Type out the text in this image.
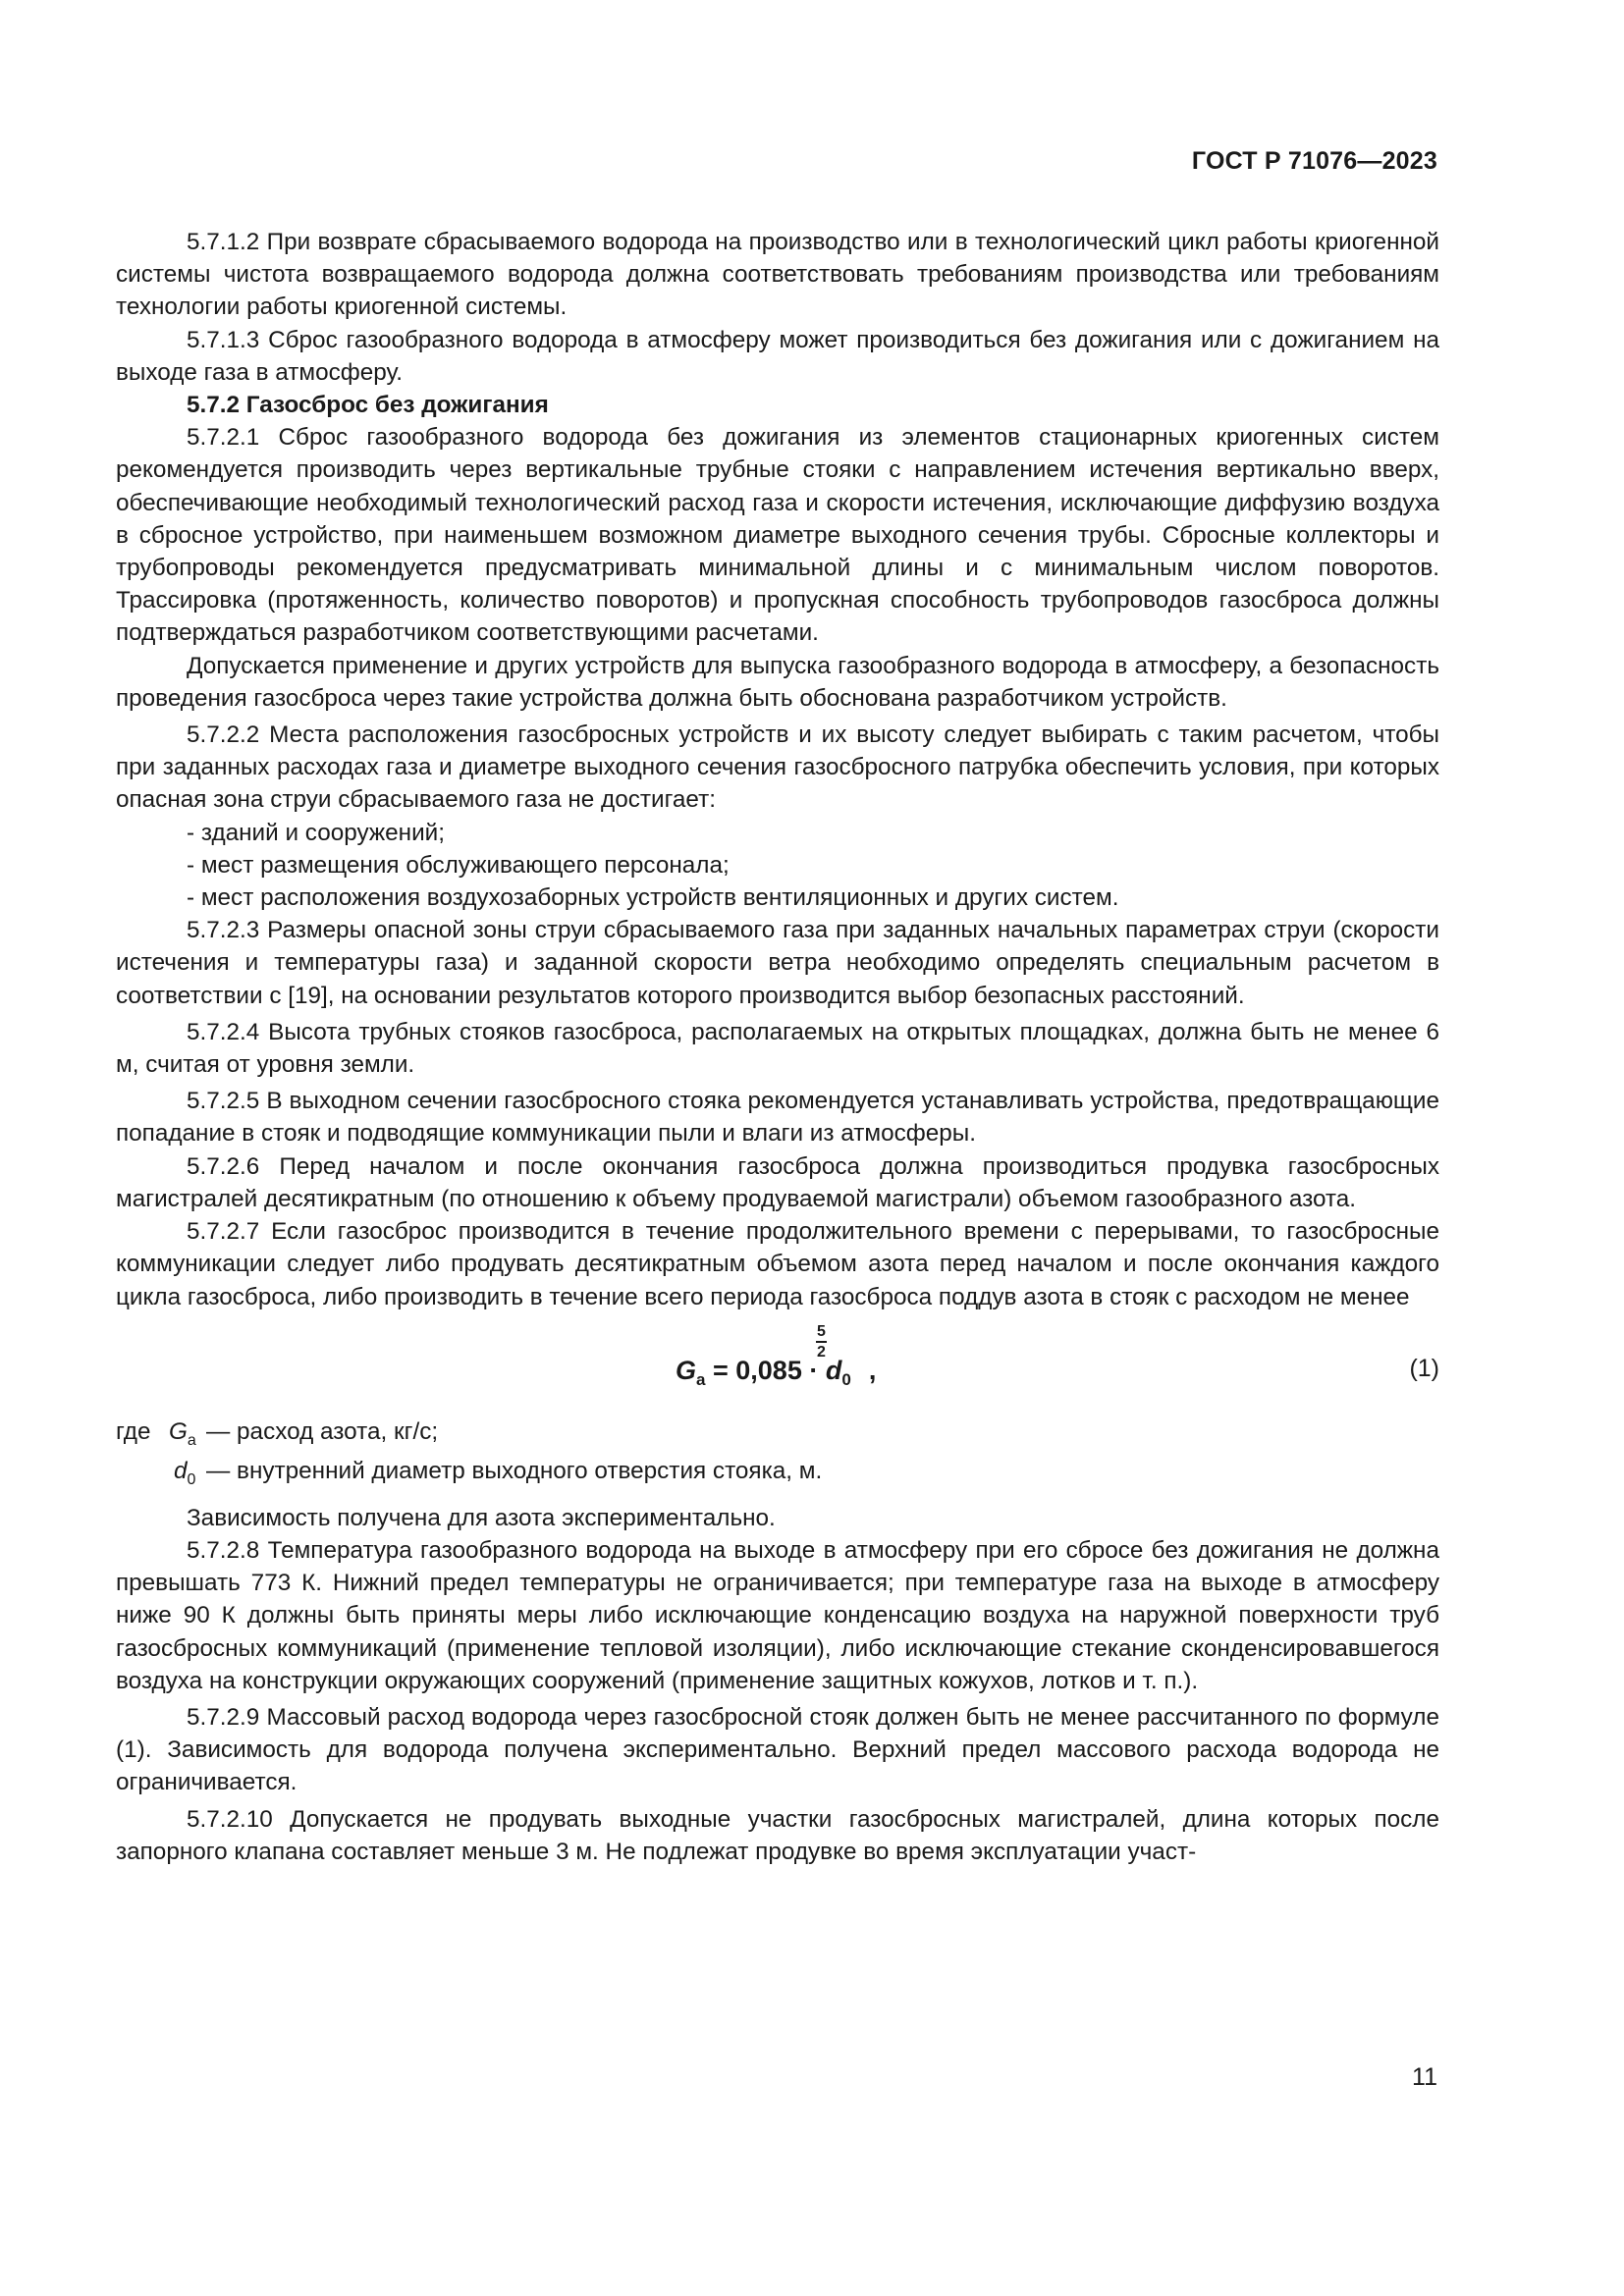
ГОСТ Р 71076—2023

5.7.1.2 При возврате сбрасываемого водорода на производство или в технологический цикл работы криогенной системы чистота возвращаемого водорода должна соответствовать требованиям производства или требованиям технологии работы криогенной системы.

5.7.1.3 Сброс газообразного водорода в атмосферу может производиться без дожигания или с дожиганием на выходе газа в атмосферу.

5.7.2 Газосброс без дожигания

5.7.2.1 Сброс газообразного водорода без дожигания из элементов стационарных криогенных систем рекомендуется производить через вертикальные трубные стояки с направлением истечения вертикально вверх, обеспечивающие необходимый технологический расход газа и скорости истечения, исключающие диффузию воздуха в сбросное устройство, при наименьшем возможном диаметре выходного сечения трубы. Сбросные коллекторы и трубопроводы рекомендуется предусматривать минимальной длины и с минимальным числом поворотов. Трассировка (протяженность, количество поворотов) и пропускная способность трубопроводов газосброса должны подтверждаться разработчиком соответствующими расчетами.

Допускается применение и других устройств для выпуска газообразного водорода в атмосферу, а безопасность проведения газосброса через такие устройства должна быть обоснована разработчиком устройств.

5.7.2.2 Места расположения газосбросных устройств и их высоту следует выбирать с таким расчетом, чтобы при заданных расходах газа и диаметре выходного сечения газосбросного патрубка обеспечить условия, при которых опасная зона струи сбрасываемого газа не достигает:

- зданий и сооружений;

- мест размещения обслуживающего персонала;

- мест расположения воздухозаборных устройств вентиляционных и других систем.

5.7.2.3 Размеры опасной зоны струи сбрасываемого газа при заданных начальных параметрах струи (скорости истечения и температуры газа) и заданной скорости ветра необходимо определять специальным расчетом в соответствии с [19], на основании результатов которого производится выбор безопасных расстояний.

5.7.2.4 Высота трубных стояков газосброса, располагаемых на открытых площадках, должна быть не менее 6 м, считая от уровня земли.

5.7.2.5 В выходном сечении газосбросного стояка рекомендуется устанавливать устройства, предотвращающие попадание в стояк и подводящие коммуникации пыли и влаги из атмосферы.

5.7.2.6 Перед началом и после окончания газосброса должна производиться продувка газосбросных магистралей десятикратным (по отношению к объему продуваемой магистрали) объемом газообразного азота.

5.7.2.7 Если газосброс производится в течение продолжительного времени с перерывами, то газосбросные коммуникации следует либо продувать десятикратным объемом азота перед началом и после окончания каждого цикла газосброса, либо производить в течение всего периода газосброса поддув азота в стояк с расходом не менее

$G_a = 0,085 \cdot d_0$ ,
5
2
(1)
где $G_a$ — расход азота, кг/с;
$d_0$ — внутренний диаметр выходного отверстия стояка, м.

Зависимость получена для азота экспериментально.

5.7.2.8 Температура газообразного водорода на выходе в атмосферу при его сбросе без дожигания не должна превышать 773 К. Нижний предел температуры не ограничивается; при температуре газа на выходе в атмосферу ниже 90 К должны быть приняты меры либо исключающие конденсацию воздуха на наружной поверхности труб газосбросных коммуникаций (применение тепловой изоляции), либо исключающие стекание сконденсировавшегося воздуха на конструкции окружающих сооружений (применение защитных кожухов, лотков и т. п.).

5.7.2.9 Массовый расход водорода через газосбросной стояк должен быть не менее рассчитанного по формуле (1). Зависимость для водорода получена экспериментально. Верхний предел массового расхода водорода не ограничивается.

5.7.2.10 Допускается не продувать выходные участки газосбросных магистралей, длина которых после запорного клапана составляет меньше 3 м. Не подлежат продувке во время эксплуатации участ-

11
